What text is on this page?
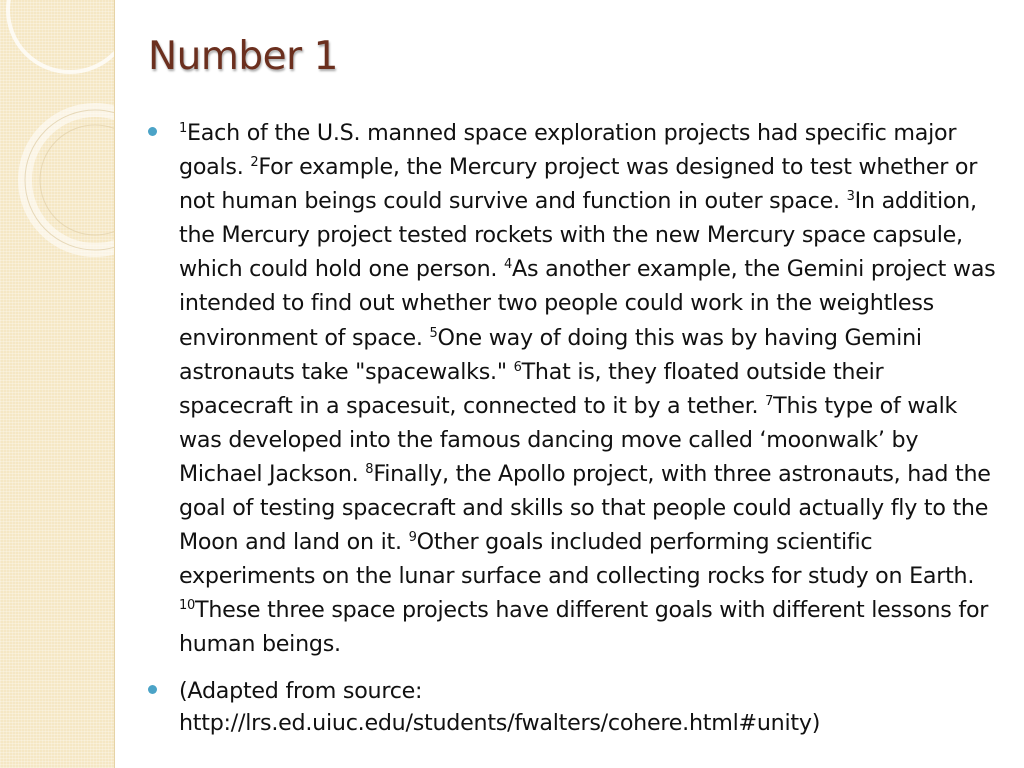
Number 1
$^1$Each of the U.S. manned space exploration projects had specific major goals. $^2$For example, the Mercury project was designed to test whether or not human beings could survive and function in outer space. $^3$In addition, the Mercury project tested rockets with the new Mercury space capsule, which could hold one person. $^4$As another example, the Gemini project was intended to find out whether two people could work in the weightless environment of space. $^5$One way of doing this was by having Gemini astronauts take "spacewalks." $^6$That is, they floated outside their spacecraft in a spacesuit, connected to it by a tether. $^7$This type of walk was developed into the famous dancing move called ‘moonwalk’ by Michael Jackson. $^8$Finally, the Apollo project, with three astronauts, had the goal of testing spacecraft and skills so that people could actually fly to the Moon and land on it. $^9$Other goals included performing scientific experiments on the lunar surface and collecting rocks for study on Earth. $^{10}$These three space projects have different goals with different lessons for human beings.
(Adapted from source:
http://lrs.ed.uiuc.edu/students/fwalters/cohere.html#unity)
